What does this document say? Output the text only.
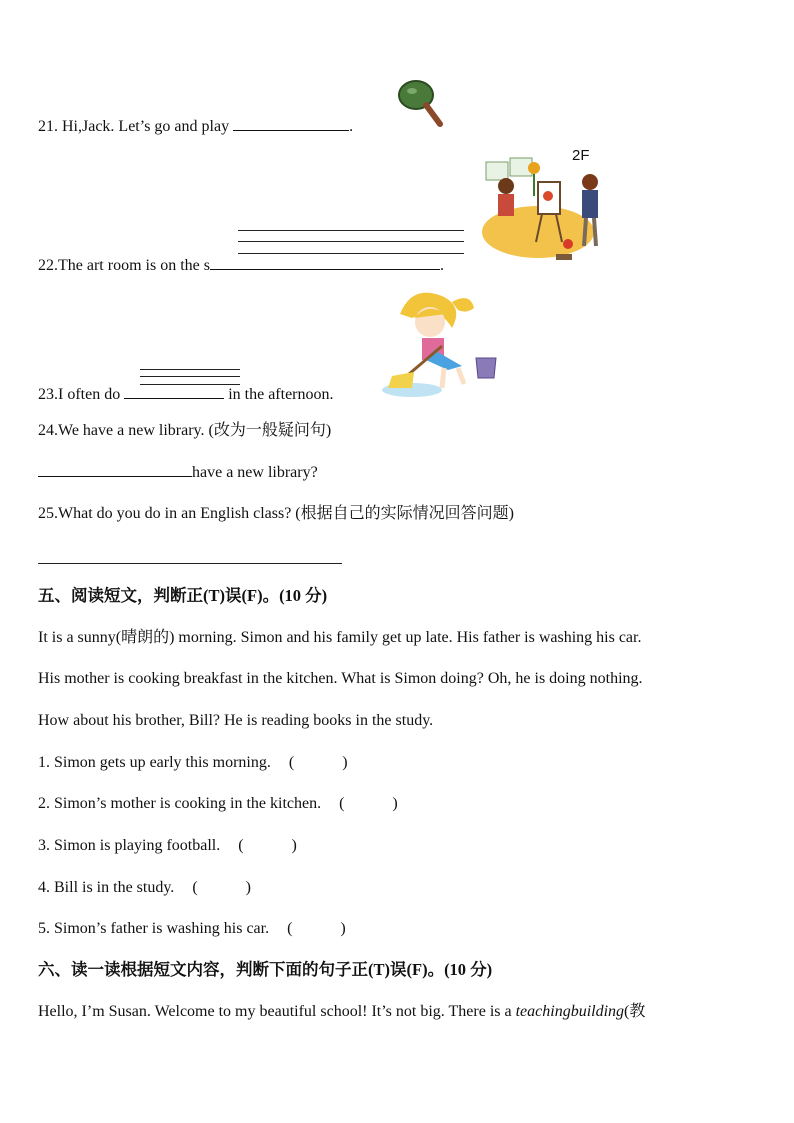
21. Hi,Jack. Let’s go and play	.
22.The art room is on the s	.
2F
23.I often do	in the afternoon.
24.We have a new library. (改为一般疑问句)
have a new library?
25.What do you do in an English class? (根据自己的实际情况回答问题)
五、阅读短文，判断正(T)误(F)。(10 分)
It is a sunny(晴朗的) morning. Simon and his family get up late. His father is washing his car.
His mother is cooking breakfast in the kitchen. What is Simon doing? Oh, he is doing nothing.
How about his brother, Bill? He is reading books in the study.
1. Simon gets up early this morning. (　　　)
2. Simon’s mother is cooking in the kitchen. (　　　)
3. Simon is playing football. (　　　)
4. Bill is in the study. (　　　)
5. Simon’s father is washing his car. (　　　)
六、读一读根据短文内容，判断下面的句子正(T)误(F)。(10 分)
Hello, I’m Susan. Welcome to my beautiful school! It’s not big. There is a teachingbuilding(教
